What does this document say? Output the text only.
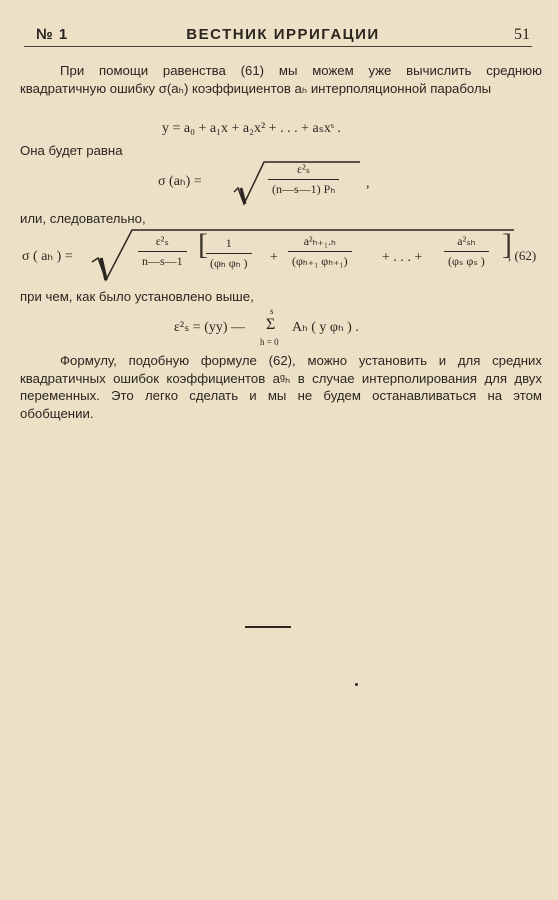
№ 1	ВЕСТНИК ИРРИГАЦИИ	51

При помощи равенства (61) мы можем уже вычислить среднюю квадратичную ошибку σ(aₕ) коэффициентов aₕ интерполяционной параболы

y = a₀ + a₁x + a₂x² + . . . + aₛxˢ .

Она будет равна

σ (aₕ) =	$\frac{\text{ε²ₛ}}{\text{(n—s—1) Pₕ}}$ ,

или, следовательно,

σ ( aₕ ) =	$\frac{\text{ε²ₛ}}{n—s—1}$ [
$\frac{1}{\text{(φₕ φₕ )}} + \frac{\text{a²ₕ₊₁.ₕ}}{\text{(φₕ₊₁ φₕ₊₁)}}$ + . . . + $\frac{\text{a²ₛₕ}}{\text{(φₛ φₛ )}}$ ]
, (62)

при чем, как было установлено выше,

ε²ₛ = (yy) —
s
Σ
h = 0
Aₕ ( y φₕ ) .

Формулу, подобную формуле (62), можно установить и для средних квадратичных ошибок коэффициентов aᵍₕ в случае интерполирования для двух переменных. Это легко сделать и мы не будем останавливаться на этом обобщении.
